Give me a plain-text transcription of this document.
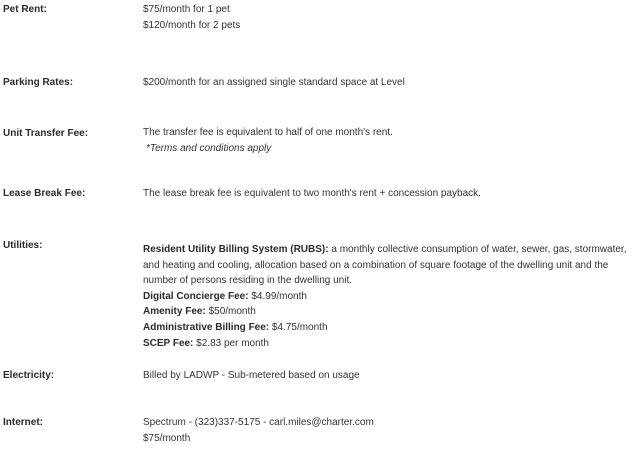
Pet Rent:	$75/month for 1 pet
$120/month for 2 pets
Parking Rates:	$200/month for an assigned single standard space at Level
Unit Transfer Fee:	The transfer fee is equivalent to half of one month's rent.
*Terms and conditions apply
Lease Break Fee:	The lease break fee is equivalent to two month's rent + concession payback.
Utilities:	Resident Utility Billing System (RUBS): a monthly collective consumption of water, sewer, gas, stormwater,
and heating and cooling, allocation based on a combination of square footage of the dwelling unit and the
number of persons residing in the dwelling unit.
Digital Concierge Fee: $4.99/month
Amenity Fee: $50/month
Administrative Billing Fee: $4.75/month
SCEP Fee: $2.83 per month
Electricity:	Billed by LADWP - Sub-metered based on usage
Internet:	Spectrum - (323)337-5175 - carl.miles@charter.com
$75/month
